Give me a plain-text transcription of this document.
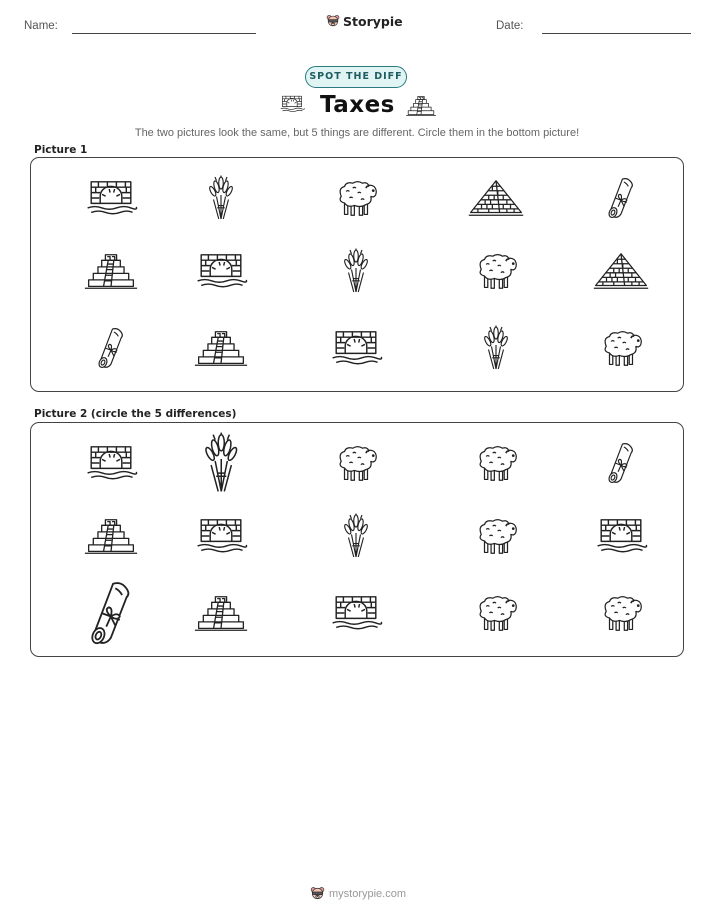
Name:	Storypie	Date:
SPOT THE DIFF
Taxes
The two pictures look the same, but 5 things are different. Circle them in the bottom picture!
Picture 1
Picture 2 (circle the 5 differences)
mystorypie.com
